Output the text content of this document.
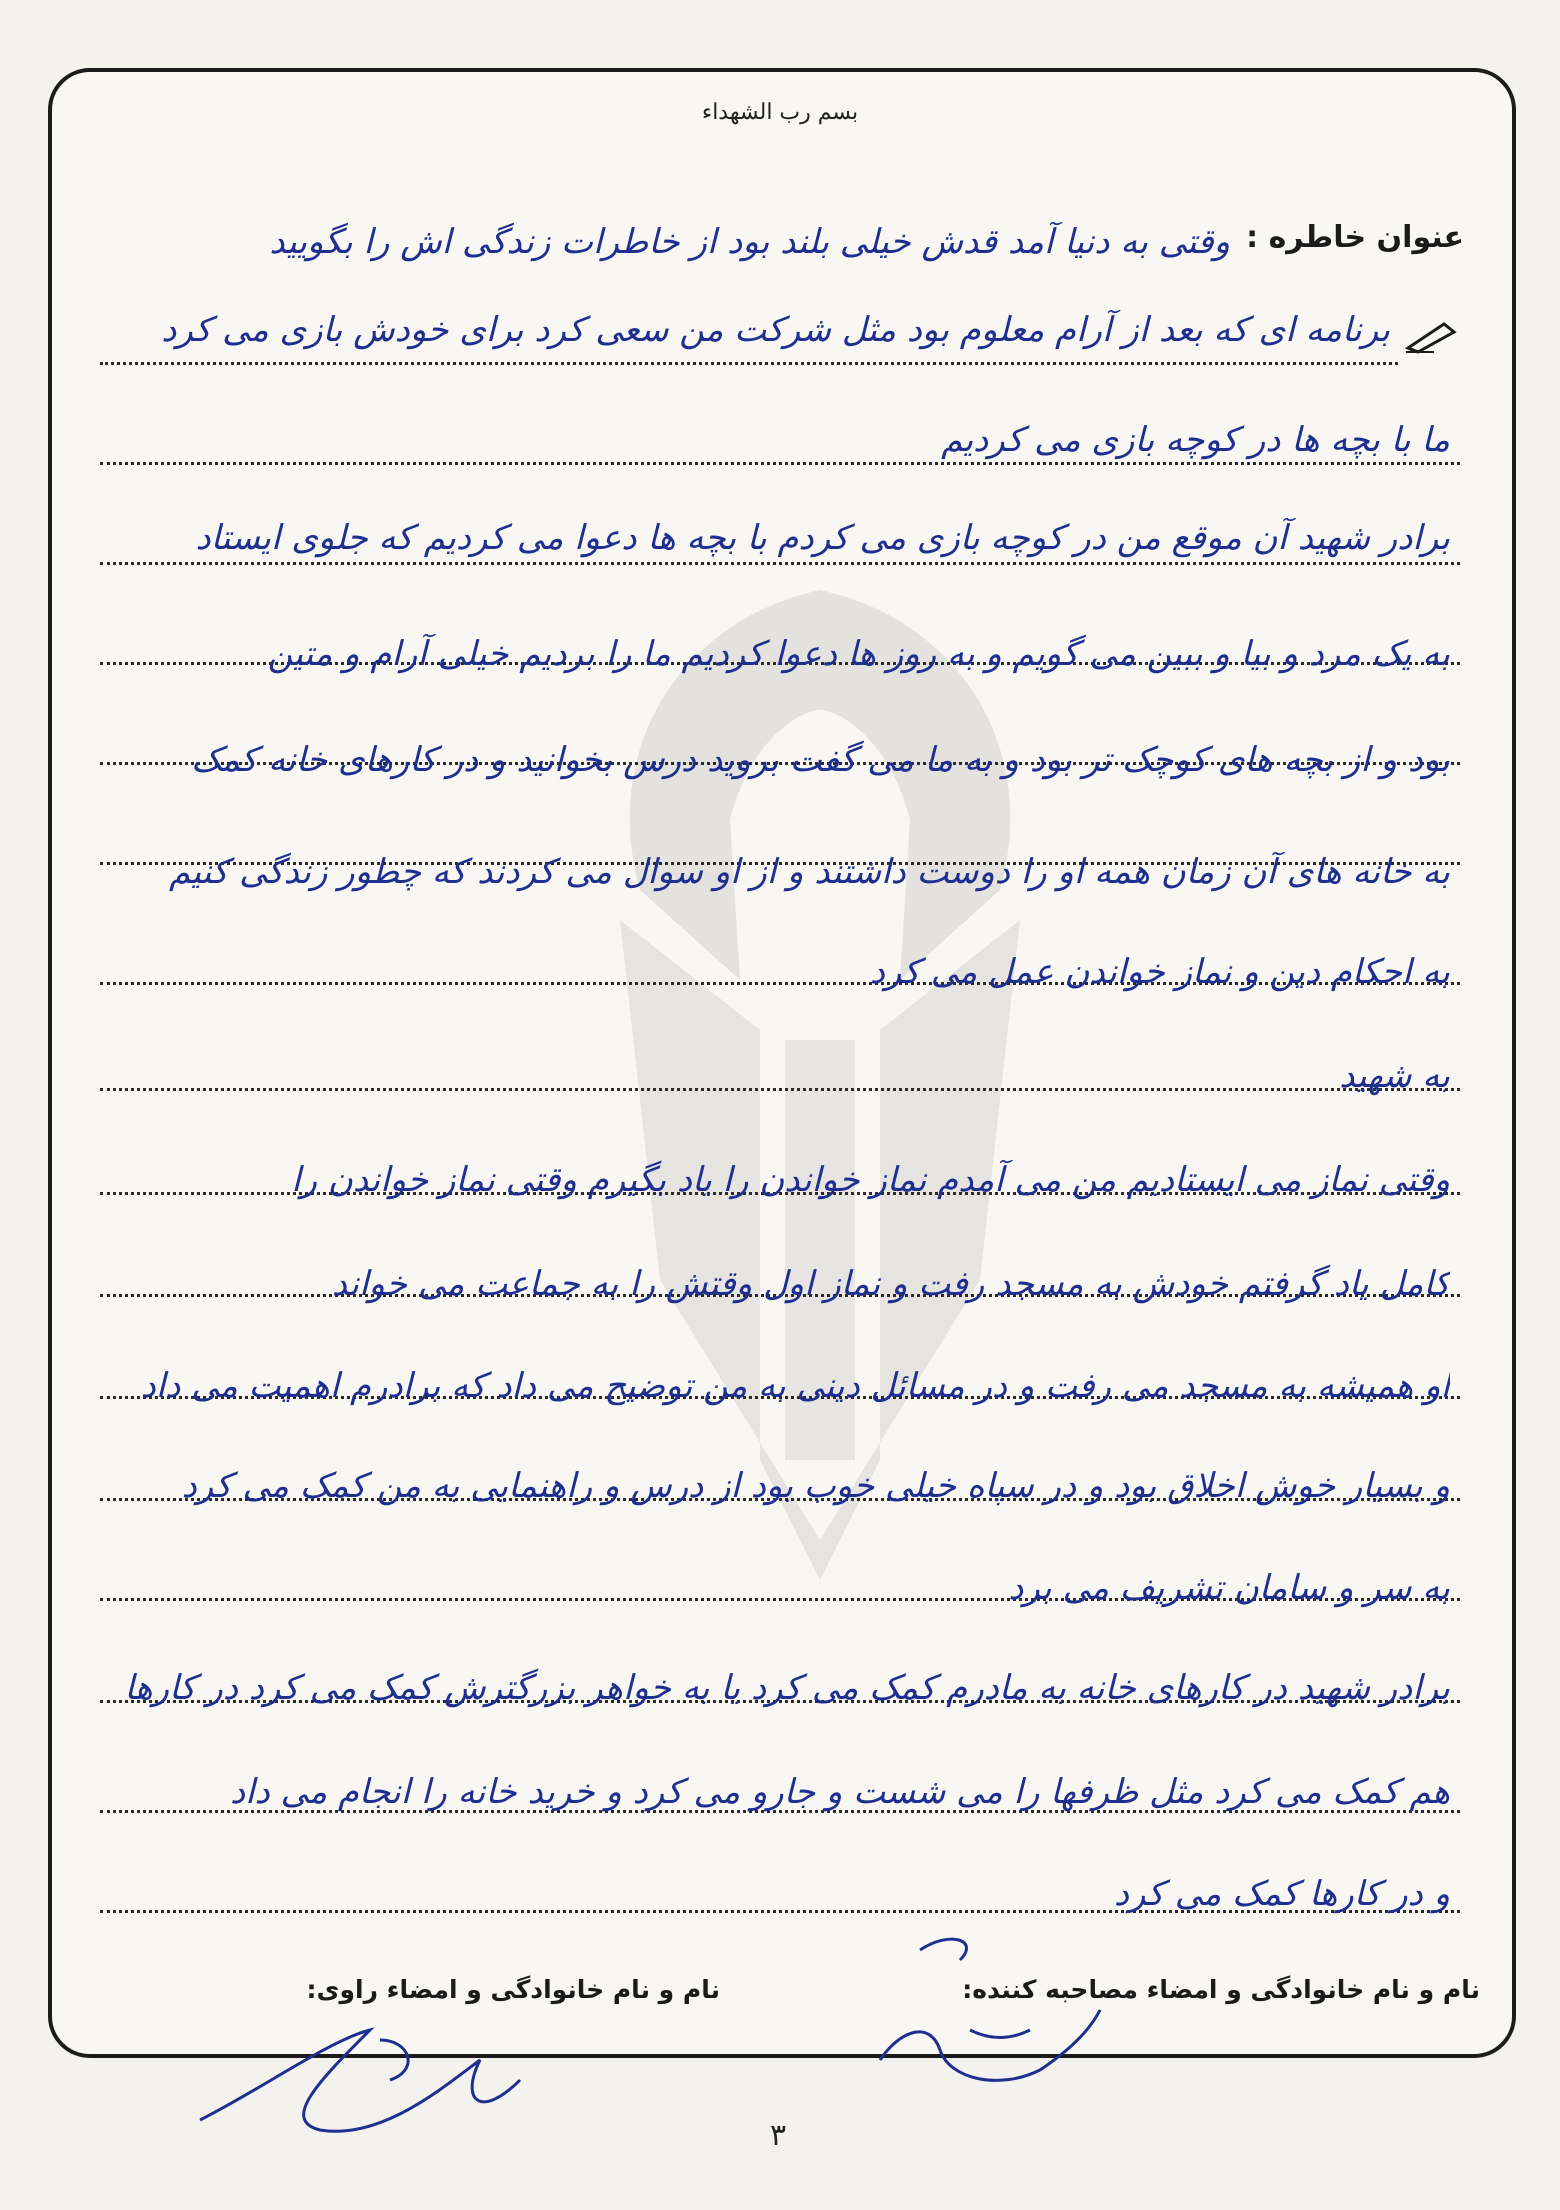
بسم رب الشهداء
عنوان خاطره :
وقتی به دنیا آمد قدش خیلی بلند بود از خاطرات زندگی اش را بگویید
برنامه ای که بعد از آرام معلوم بود مثل شرکت من سعی کرد برای خودش بازی می کرد
ما با بچه ها در کوچه بازی می کردیم
برادر شهید آن موقع من در کوچه بازی می کردم با بچه ها دعوا می کردیم که جلوی ایستاد
به یک مرد و بیا و ببین می گویم و به روز ها دعوا کردیم ما را بردیم خیلی آرام و متین
بود و از بچه های کوچک تر بود و به ما می گفت بروید درس بخوانید و در کارهای خانه کمک
به خانه های آن زمان همه او را دوست داشتند و از او سوال می کردند که چطور زندگی کنیم
به احکام دین و نماز خواندن عمل می کرد
به شهید
وقتی نماز می ایستادیم من می آمدم نماز خواندن را یاد بگیرم وقتی نماز خواندن را
کامل یاد گرفتم خودش به مسجد رفت و نماز اول وقتش را به جماعت می خواند
او همیشه به مسجد می رفت و در مسائل دینی به من توضیح می داد که برادرم اهمیت می داد
و بسیار خوش اخلاق بود و در سپاه خیلی خوب بود از درس و راهنمایی به من کمک می کرد
به سر و سامان تشریف می برد
برادر شهید در کارهای خانه به مادرم کمک می کرد یا به خواهر بزرگترش کمک می کرد در کارها
هم کمک می کرد مثل ظرفها را می شست و جارو می کرد و خرید خانه را انجام می داد
و در کارها کمک می کرد
نام و نام خانوادگی و امضاء مصاحبه کننده:
نام و نام خانوادگی و امضاء راوی:
۳
